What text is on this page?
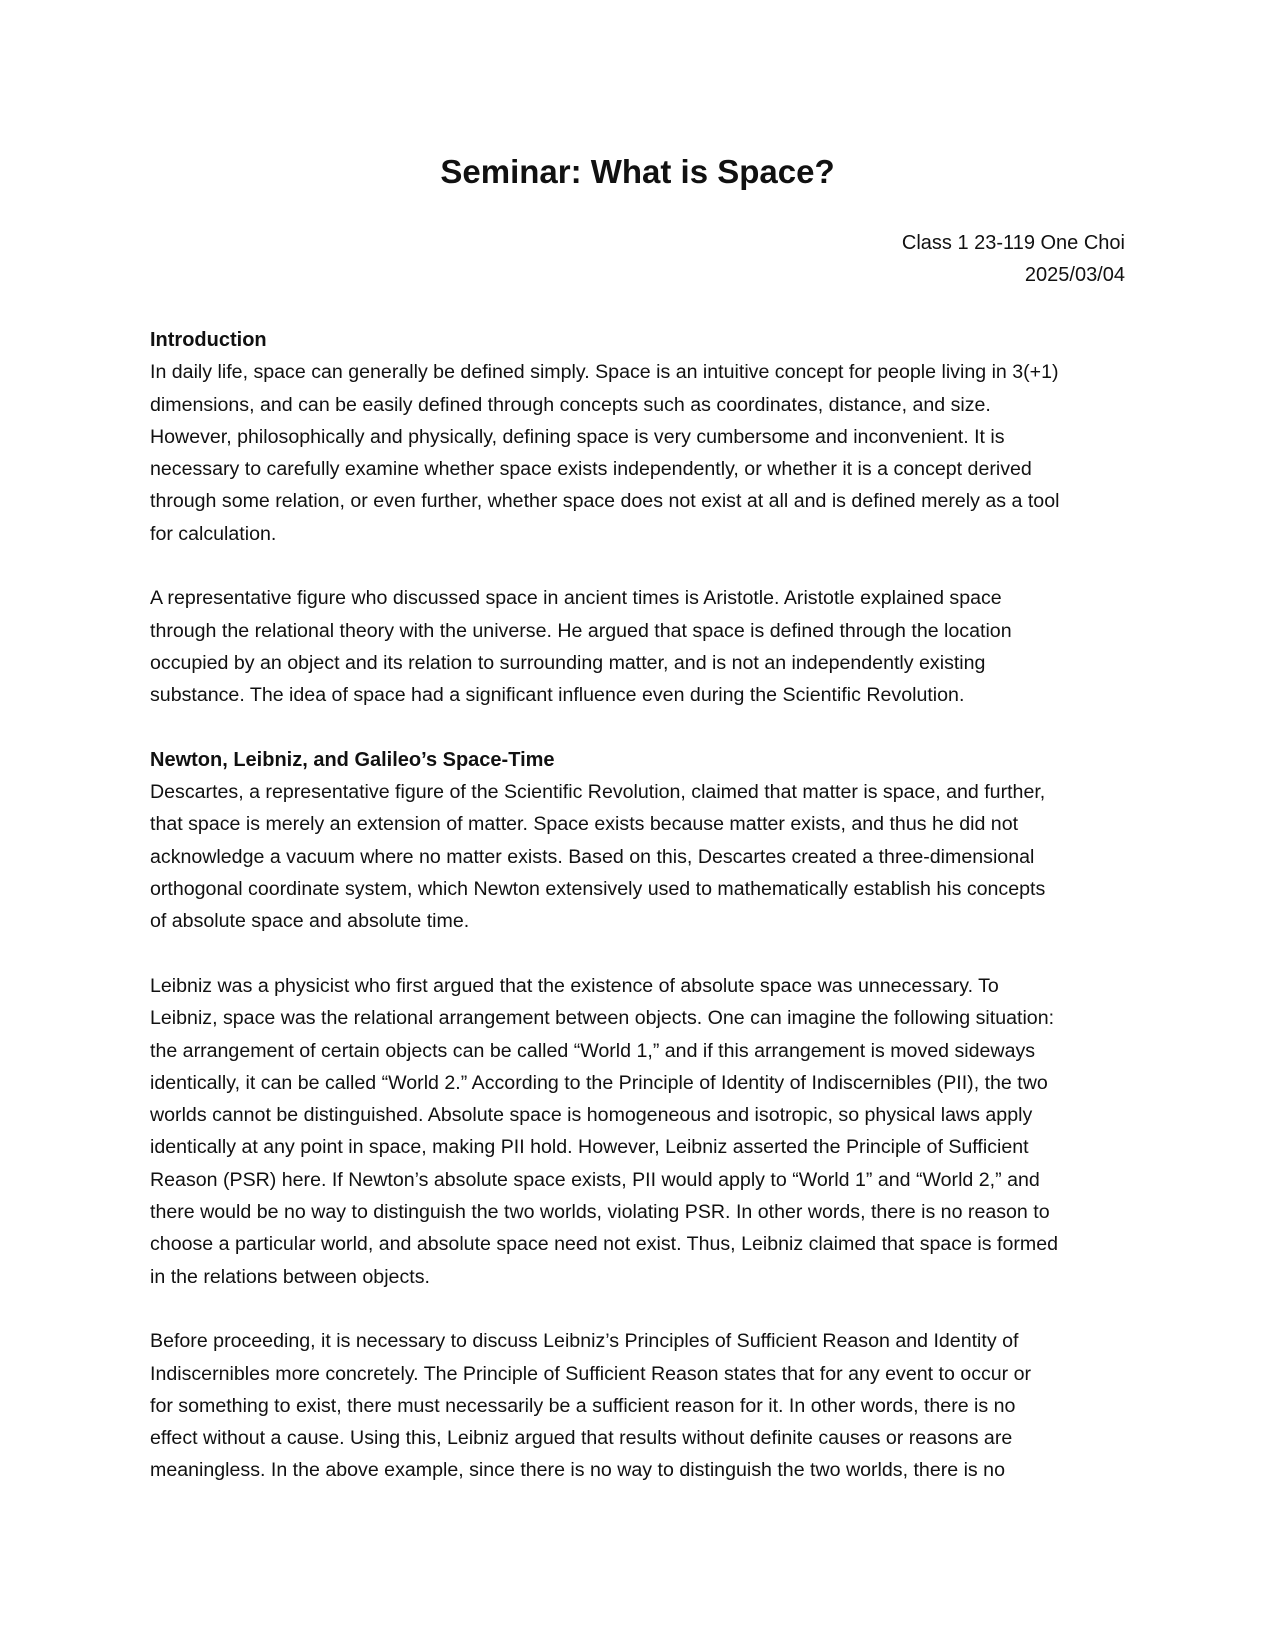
Seminar: What is Space?
Class 1 23-119 One Choi
2025/03/04
Introduction

In daily life, space can generally be defined simply. Space is an intuitive concept for people living in 3(+1)
dimensions, and can be easily defined through concepts such as coordinates, distance, and size.
However, philosophically and physically, defining space is very cumbersome and inconvenient. It is
necessary to carefully examine whether space exists independently, or whether it is a concept derived
through some relation, or even further, whether space does not exist at all and is defined merely as a tool
for calculation.

A representative figure who discussed space in ancient times is Aristotle. Aristotle explained space
through the relational theory with the universe. He argued that space is defined through the location
occupied by an object and its relation to surrounding matter, and is not an independently existing
substance. The idea of space had a significant influence even during the Scientific Revolution.

Newton, Leibniz, and Galileo’s Space-Time

Descartes, a representative figure of the Scientific Revolution, claimed that matter is space, and further,
that space is merely an extension of matter. Space exists because matter exists, and thus he did not
acknowledge a vacuum where no matter exists. Based on this, Descartes created a three-dimensional
orthogonal coordinate system, which Newton extensively used to mathematically establish his concepts
of absolute space and absolute time.

Leibniz was a physicist who first argued that the existence of absolute space was unnecessary. To
Leibniz, space was the relational arrangement between objects. One can imagine the following situation:
the arrangement of certain objects can be called “World 1,” and if this arrangement is moved sideways
identically, it can be called “World 2.” According to the Principle of Identity of Indiscernibles (PII), the two
worlds cannot be distinguished. Absolute space is homogeneous and isotropic, so physical laws apply
identically at any point in space, making PII hold. However, Leibniz asserted the Principle of Sufficient
Reason (PSR) here. If Newton’s absolute space exists, PII would apply to “World 1” and “World 2,” and
there would be no way to distinguish the two worlds, violating PSR. In other words, there is no reason to
choose a particular world, and absolute space need not exist. Thus, Leibniz claimed that space is formed
in the relations between objects.

Before proceeding, it is necessary to discuss Leibniz’s Principles of Sufficient Reason and Identity of
Indiscernibles more concretely. The Principle of Sufficient Reason states that for any event to occur or
for something to exist, there must necessarily be a sufficient reason for it. In other words, there is no
effect without a cause. Using this, Leibniz argued that results without definite causes or reasons are
meaningless. In the above example, since there is no way to distinguish the two worlds, there is no
